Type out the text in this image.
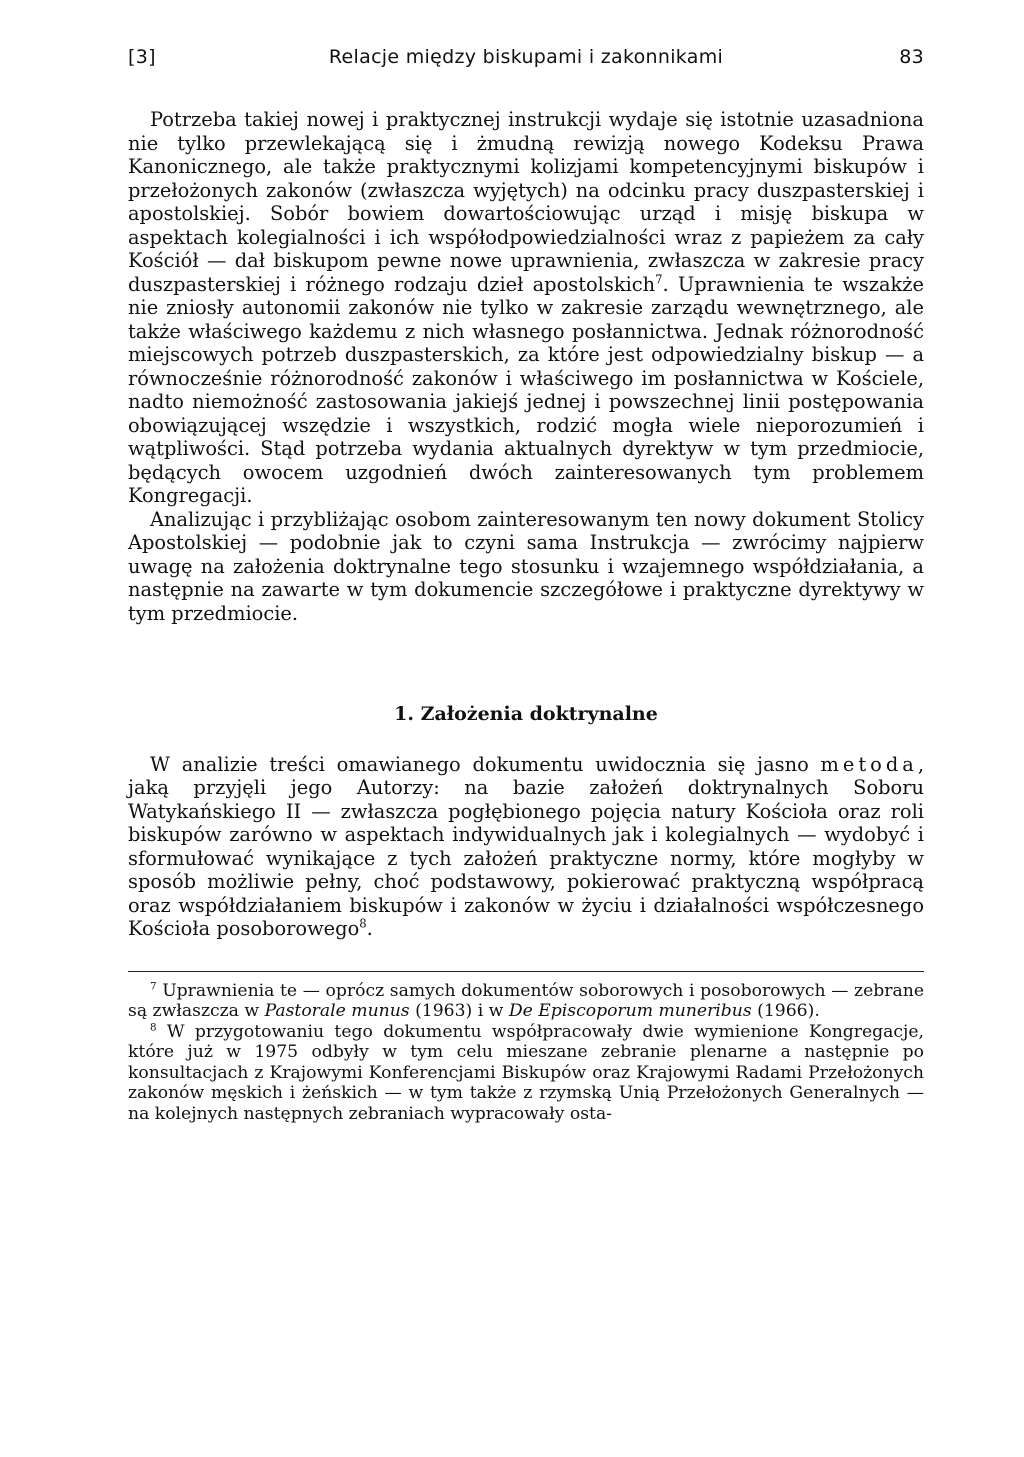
[3]	Relacje między biskupami i zakonnikami	83

Potrzeba takiej nowej i praktycznej instrukcji wydaje się istotnie uzasadniona nie tylko przewlekającą się i żmudną rewizją nowego Kodeksu Prawa Kanonicznego, ale także praktycznymi kolizjami kompetencyjnymi biskupów i przełożonych zakonów (zwłaszcza wyjętych) na odcinku pracy duszpasterskiej i apostolskiej. Sobór bowiem dowartościowując urząd i misję biskupa w aspektach kolegialności i ich współodpowiedzialności wraz z papieżem za cały Kościół — dał biskupom pewne nowe uprawnienia, zwłaszcza w zakresie pracy duszpasterskiej i różnego rodzaju dzieł apostolskich$^7$. Uprawnienia te wszakże nie zniosły autonomii zakonów nie tylko w zakresie zarządu wewnętrznego, ale także właściwego każdemu z nich własnego posłannictwa. Jednak różnorodność miejscowych potrzeb duszpasterskich, za które jest odpowiedzialny biskup — a równocześnie różnorodność zakonów i właściwego im posłannictwa w Kościele, nadto niemożność zastosowania jakiejś jednej i powszechnej linii postępowania obowiązującej wszędzie i wszystkich, rodzić mogła wiele nieporozumień i wątpliwości. Stąd potrzeba wydania aktualnych dyrektyw w tym przedmiocie, będących owocem uzgodnień dwóch zainteresowanych tym problemem Kongregacji.

Analizując i przybliżając osobom zainteresowanym ten nowy dokument Stolicy Apostolskiej — podobnie jak to czyni sama Instrukcja — zwrócimy najpierw uwagę na założenia doktrynalne tego stosunku i wzajemnego współdziałania, a następnie na zawarte w tym dokumencie szczegółowe i praktyczne dyrektywy w tym przedmiocie.

1. Założenia doktrynalne

W analizie treści omawianego dokumentu uwidocznia się jasno metoda, jaką przyjęli jego Autorzy: na bazie założeń doktrynalnych Soboru Watykańskiego II — zwłaszcza pogłębionego pojęcia natury Kościoła oraz roli biskupów zarówno w aspektach indywidualnych jak i kolegialnych — wydobyć i sformułować wynikające z tych założeń praktyczne normy, które mogłyby w sposób możliwie pełny, choć podstawowy, pokierować praktyczną współpracą oraz współdziałaniem biskupów i zakonów w życiu i działalności współczesnego Kościoła posoborowego$^8$.

$^7$ Uprawnienia te — oprócz samych dokumentów soborowych i posoborowych — zebrane są zwłaszcza w Pastorale munus (1963) i w De Episcoporum muneribus (1966).

$^8$ W przygotowaniu tego dokumentu współpracowały dwie wymienione Kongregacje, które już w 1975 odbyły w tym celu mieszane zebranie plenarne a następnie po konsultacjach z Krajowymi Konferencjami Biskupów oraz Krajowymi Radami Przełożonych zakonów męskich i żeńskich — w tym także z rzymską Unią Przełożonych Generalnych — na kolejnych następnych zebraniach wypracowały osta-
